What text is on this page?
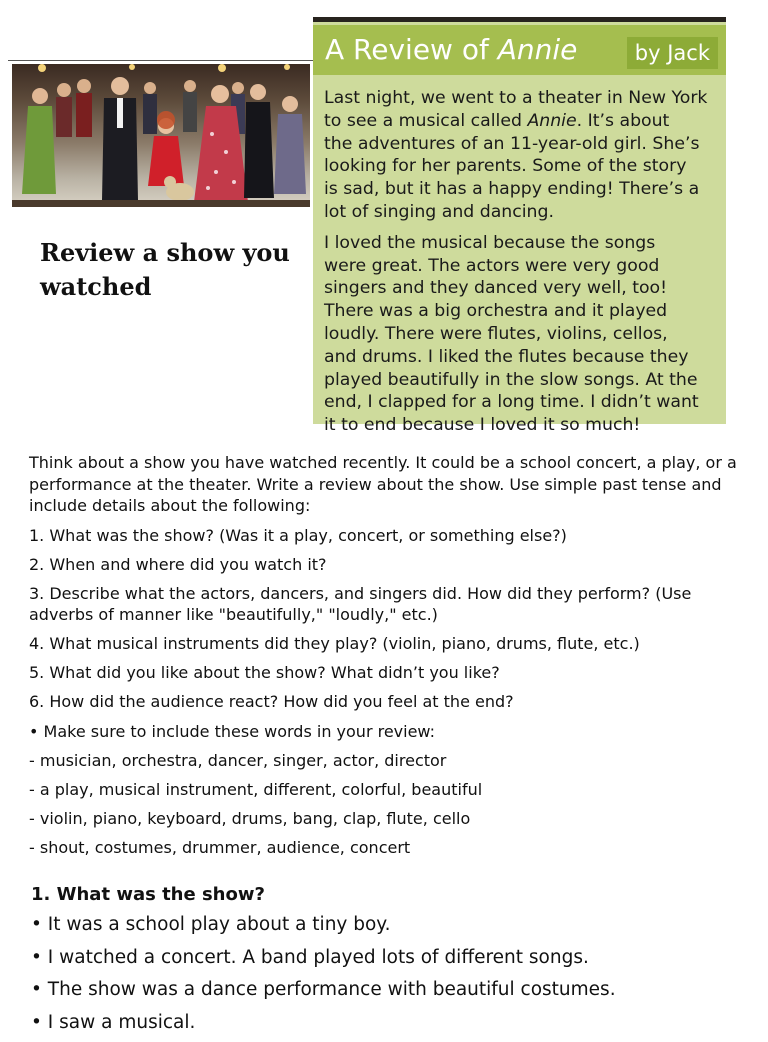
A Review of Annie	by Jack

Last night, we went to a theater in New York
to see a musical called Annie. It’s about
the adventures of an 11-year-old girl. She’s
looking for her parents. Some of the story
is sad, but it has a happy ending! There’s a
lot of singing and dancing.

I loved the musical because the songs
were great. The actors were very good
singers and they danced very well, too!
There was a big orchestra and it played
loudly. There were flutes, violins, cellos,
and drums. I liked the flutes because they
played beautifully in the slow songs. At the
end, I clapped for a long time. I didn’t want
it to end because I loved it so much!

Review a show you watched

Think about a show you have watched recently. It could be a school concert, a play, or a performance at the theater. Write a review about the show. Use simple past tense and include details about the following:

1. What was the show? (Was it a play, concert, or something else?)
2. When and where did you watch it?
3. Describe what the actors, dancers, and singers did. How did they perform? (Use adverbs of manner like "beautifully," "loudly," etc.)
4. What musical instruments did they play? (violin, piano, drums, flute, etc.)
5. What did you like about the show? What didn’t you like?
6. How did the audience react? How did you feel at the end?
• Make sure to include these words in your review:
- musician, orchestra, dancer, singer, actor, director
- a play, musical instrument, different, colorful, beautiful
- violin, piano, keyboard, drums, bang, clap, flute, cello
- shout, costumes, drummer, audience, concert
1. What was the show?
• It was a school play about a tiny boy.
• I watched a concert. A band played lots of different songs.
• The show was a dance performance with beautiful costumes.
• I saw a musical.
